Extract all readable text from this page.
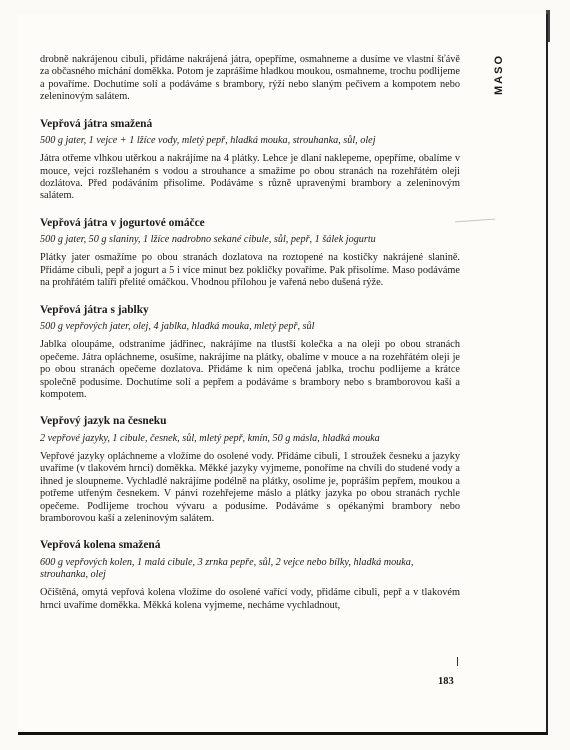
MASO

drobně nakrájenou cibuli, přidáme nakrájená játra, opepříme, osmahneme a dusíme ve vlastní šťávě za občasného míchání doměkka. Potom je zaprášíme hladkou moukou, osmahneme, trochu podlijeme a povaříme. Dochutíme solí a podáváme s brambory, rýží nebo slaným pečivem a kompotem nebo zeleninovým salátem.

Vepřová játra smažená

500 g jater, 1 vejce + 1 lžíce vody, mletý pepř, hladká mouka, strouhanka, sůl, olej

Játra otřeme vlhkou utěrkou a nakrájíme na 4 plátky. Lehce je dlaní naklepeme, opepříme, obalíme v mouce, vejci rozšlehaném s vodou a strouhance a smažíme po obou stranách na rozehřátém oleji dozlátova. Před podáváním přisolíme. Podáváme s různě upravenými brambory a zeleninovým salátem.

Vepřová játra v jogurtové omáčce

500 g jater, 50 g slaniny, 1 lžíce nadrobno sekané cibule, sůl, pepř, 1 šálek jogurtu

Plátky jater osmažíme po obou stranách dozlatova na roztopené na kostičky nakrájené slanině. Přidáme cibuli, pepř a jogurt a 5 i více minut bez pokličky povaříme. Pak přisolíme. Maso podáváme na prohřátém talíři přelité omáčkou. Vhodnou přílohou je vařená nebo dušená rýže.

Vepřová játra s jablky

500 g vepřových jater, olej, 4 jablka, hladká mouka, mletý pepř, sůl

Jablka oloupáme, odstraníme jádřinec, nakrájíme na tlustší kolečka a na oleji po obou stranách opečeme. Játra opláchneme, osušíme, nakrájíme na plátky, obalíme v mouce a na rozehřátém oleji je po obou stranách opečeme dozlatova. Přidáme k nim opečená jablka, trochu podlijeme a krátce společně podusíme. Dochutíme solí a pepřem a podáváme s brambory nebo s bramborovou kaší a kompotem.

Vepřový jazyk na česneku

2 vepřové jazyky, 1 cibule, česnek, sůl, mletý pepř, kmín, 50 g másla, hladká mouka

Vepřové jazyky opláchneme a vložíme do osolené vody. Přidáme cibuli, 1 stroužek česneku a jazyky uvaříme (v tlakovém hrnci) doměkka. Měkké jazyky vyjmeme, ponoříme na chvíli do studené vody a ihned je sloupneme. Vychladlé nakrájíme podélně na plátky, osolíme je, popráším pepřem, moukou a potřeme utřeným česnekem. V pánvi rozehřejeme máslo a plátky jazyka po obou stranách rychle opečeme. Podlijeme trochou vývaru a podusíme. Podáváme s opékanými brambory nebo bramborovou kaší a zeleninovým salátem.

Vepřová kolena smažená

600 g vepřových kolen, 1 malá cibule, 3 zrnka pepře, sůl, 2 vejce nebo bílky, hladká mouka, strouhanka, olej

Očištěná, omytá vepřová kolena vložíme do osolené vařící vody, přidáme cibuli, pepř a v tlakovém hrnci uvaříme doměkka. Měkká kolena vyjmeme, necháme vychladnout,

183
